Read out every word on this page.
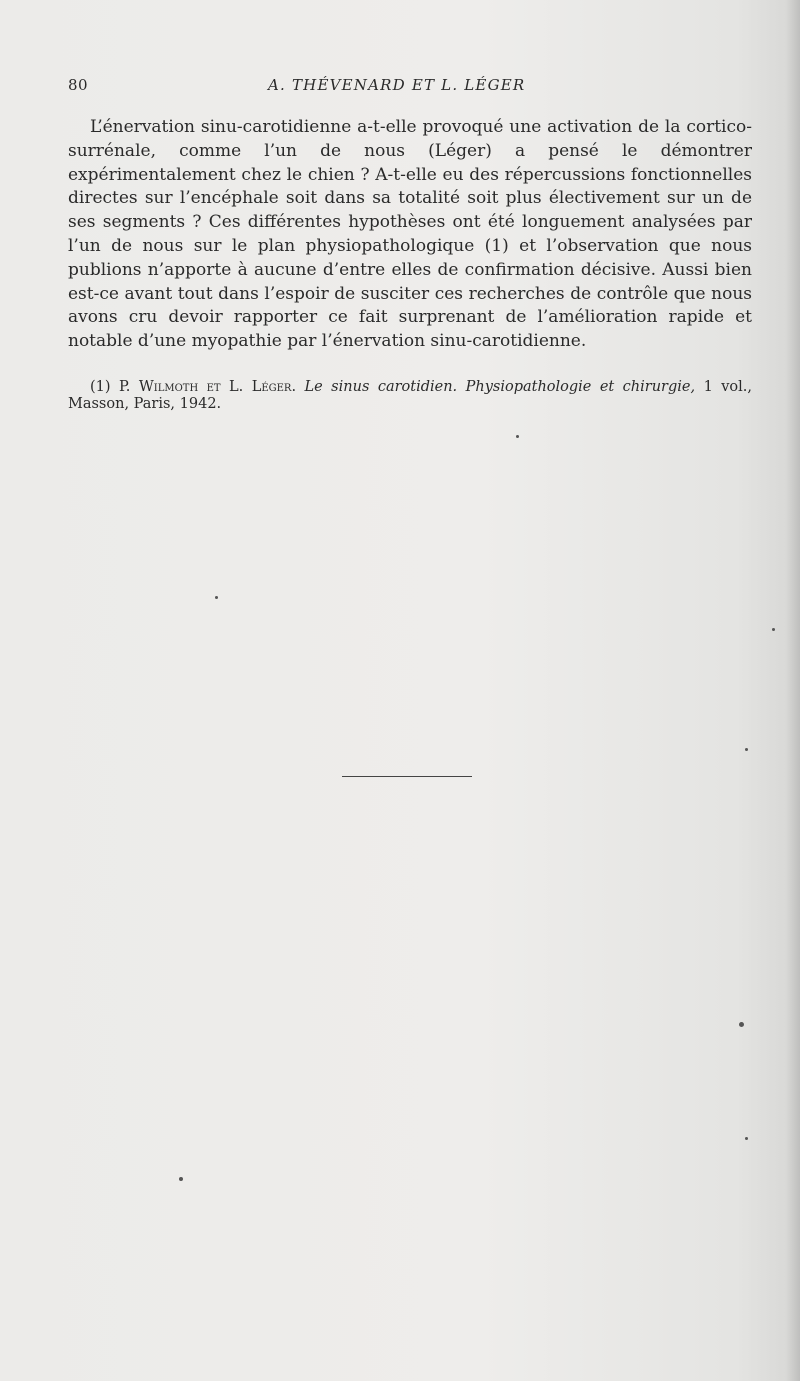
80	A. THÉVENARD ET L. LÉGER

L’énervation sinu-carotidienne a-t-elle provoqué une activation de la cortico-surrénale, comme l’un de nous (Léger) a pensé le démontrer expérimentalement chez le chien ? A-t-elle eu des répercussions fonctionnelles directes sur l’encéphale soit dans sa totalité soit plus électivement sur un de ses segments ? Ces différentes hypothèses ont été longuement analysées par l’un de nous sur le plan physiopathologique (1) et l’observation que nous publions n’apporte à aucune d’entre elles de confirmation décisive. Aussi bien est-ce avant tout dans l’espoir de susciter ces recherches de contrôle que nous avons cru devoir rapporter ce fait surprenant de l’amélioration rapide et notable d’une myopathie par l’énervation sinu-carotidienne.

(1) P. Wilmoth et L. Léger. Le sinus carotidien. Physiopathologie et chirurgie, 1 vol., Masson, Paris, 1942.
